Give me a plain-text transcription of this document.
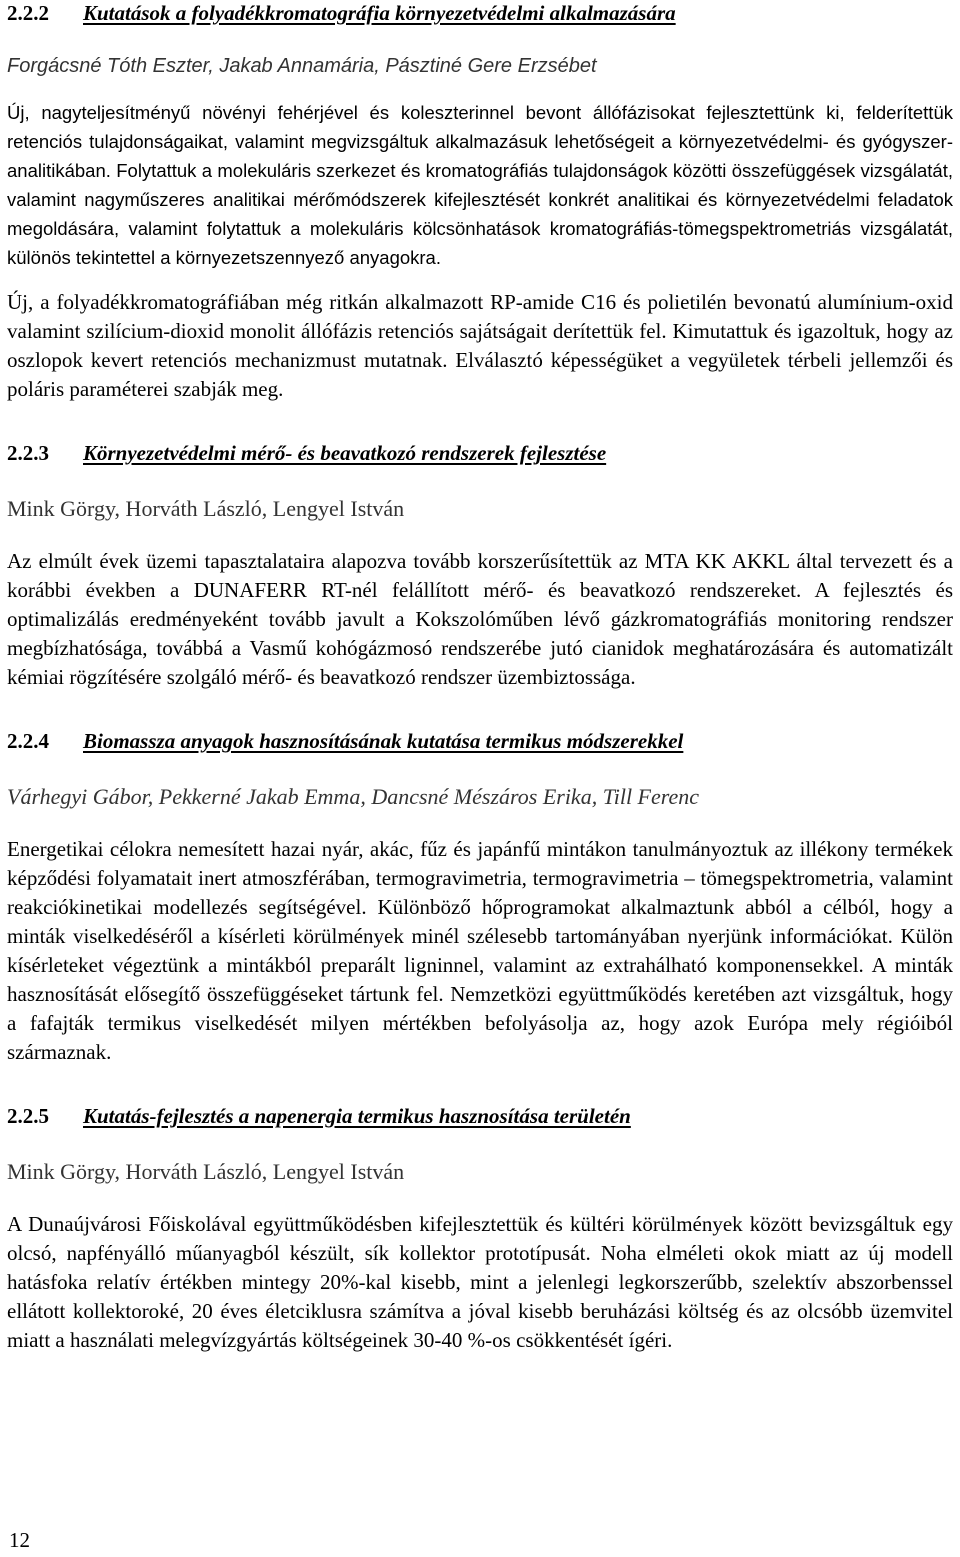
2.2.2	Kutatások a folyadékkromatográfia környezetvédelmi alkalmazására
Forgácsné Tóth Eszter, Jakab Annamária, Pásztiné Gere Erzsébet

Új, nagyteljesítményű növényi fehérjével és koleszterinnel bevont állófázisokat fejlesztettünk ki, felderítettük retenciós tulajdonságaikat, valamint megvizsgáltuk alkalmazásuk lehetőségeit a környezetvédelmi- és gyógyszer-analitikában. Folytattuk a molekuláris szerkezet és kromatográfiás tulajdonságok közötti összefüggések vizsgálatát, valamint nagyműszeres analitikai mérőmódszerek kifejlesztését konkrét analitikai és környezetvédelmi feladatok megoldására, valamint folytattuk a molekuláris kölcsönhatások kromatográfiás-tömegspektrometriás vizsgálatát, különös tekintettel a környezetszennyező anyagokra.

Új, a folyadékkromatográfiában még ritkán alkalmazott RP-amide C16 és polietilén bevonatú alumínium-oxid valamint szilícium-dioxid monolit állófázis retenciós sajátságait derítettük fel. Kimutattuk és igazoltuk, hogy az oszlopok kevert retenciós mechanizmust mutatnak. Elválasztó képességüket a vegyületek térbeli jellemzői és poláris paraméterei szabják meg.

2.2.3	Környezetvédelmi mérő- és beavatkozó rendszerek fejlesztése
Mink Görgy, Horváth László, Lengyel István

Az elmúlt évek üzemi tapasztalataira alapozva tovább korszerűsítettük az MTA KK AKKL által tervezett és a korábbi években a DUNAFERR RT-nél felállított mérő- és beavatkozó rendszereket. A fejlesztés és optimalizálás eredményeként tovább javult a Kokszolóműben lévő gázkromatográfiás monitoring rendszer megbízhatósága, továbbá a Vasmű kohógázmosó rendszerébe jutó cianidok meghatározására és automatizált kémiai rögzítésére szolgáló mérő- és beavatkozó rendszer üzembiztossága.

2.2.4	Biomassza anyagok hasznosításának kutatása termikus módszerekkel
Várhegyi Gábor, Pekkerné Jakab Emma, Dancsné Mészáros Erika, Till Ferenc

Energetikai célokra nemesített hazai nyár, akác, fűz és japánfű mintákon tanulmányoztuk az illékony termékek képződési folyamatait inert atmoszférában, termogravimetria, termogravimetria – tömegspektrometria, valamint reakciókinetikai modellezés segítségével. Különböző hőprogramokat alkalmaztunk abból a célból, hogy a minták viselkedéséről a kísérleti körülmények minél szélesebb tartományában nyerjünk információkat. Külön kísérleteket végeztünk a mintákból preparált ligninnel, valamint az extrahálható komponensekkel. A minták hasznosítását elősegítő összefüggéseket tártunk fel. Nemzetközi együttműködés keretében azt vizsgáltuk, hogy a fafajták termikus viselkedését milyen mértékben befolyásolja az, hogy azok Európa mely régióiból származnak.

2.2.5	Kutatás-fejlesztés a napenergia termikus hasznosítása területén
Mink Görgy, Horváth László, Lengyel István

A Dunaújvárosi Főiskolával együttműködésben kifejlesztettük és kültéri körülmények között bevizsgáltuk egy olcsó, napfényálló műanyagból készült, sík kollektor prototípusát. Noha elméleti okok miatt az új modell hatásfoka relatív értékben mintegy 20%-kal kisebb, mint a jelenlegi legkorszerűbb, szelektív abszorbenssel ellátott kollektoroké, 20 éves életciklusra számítva a jóval kisebb beruházási költség és az olcsóbb üzemvitel miatt a használati melegvízgyártás költségeinek 30-40 %-os csökkentését ígéri.

12
